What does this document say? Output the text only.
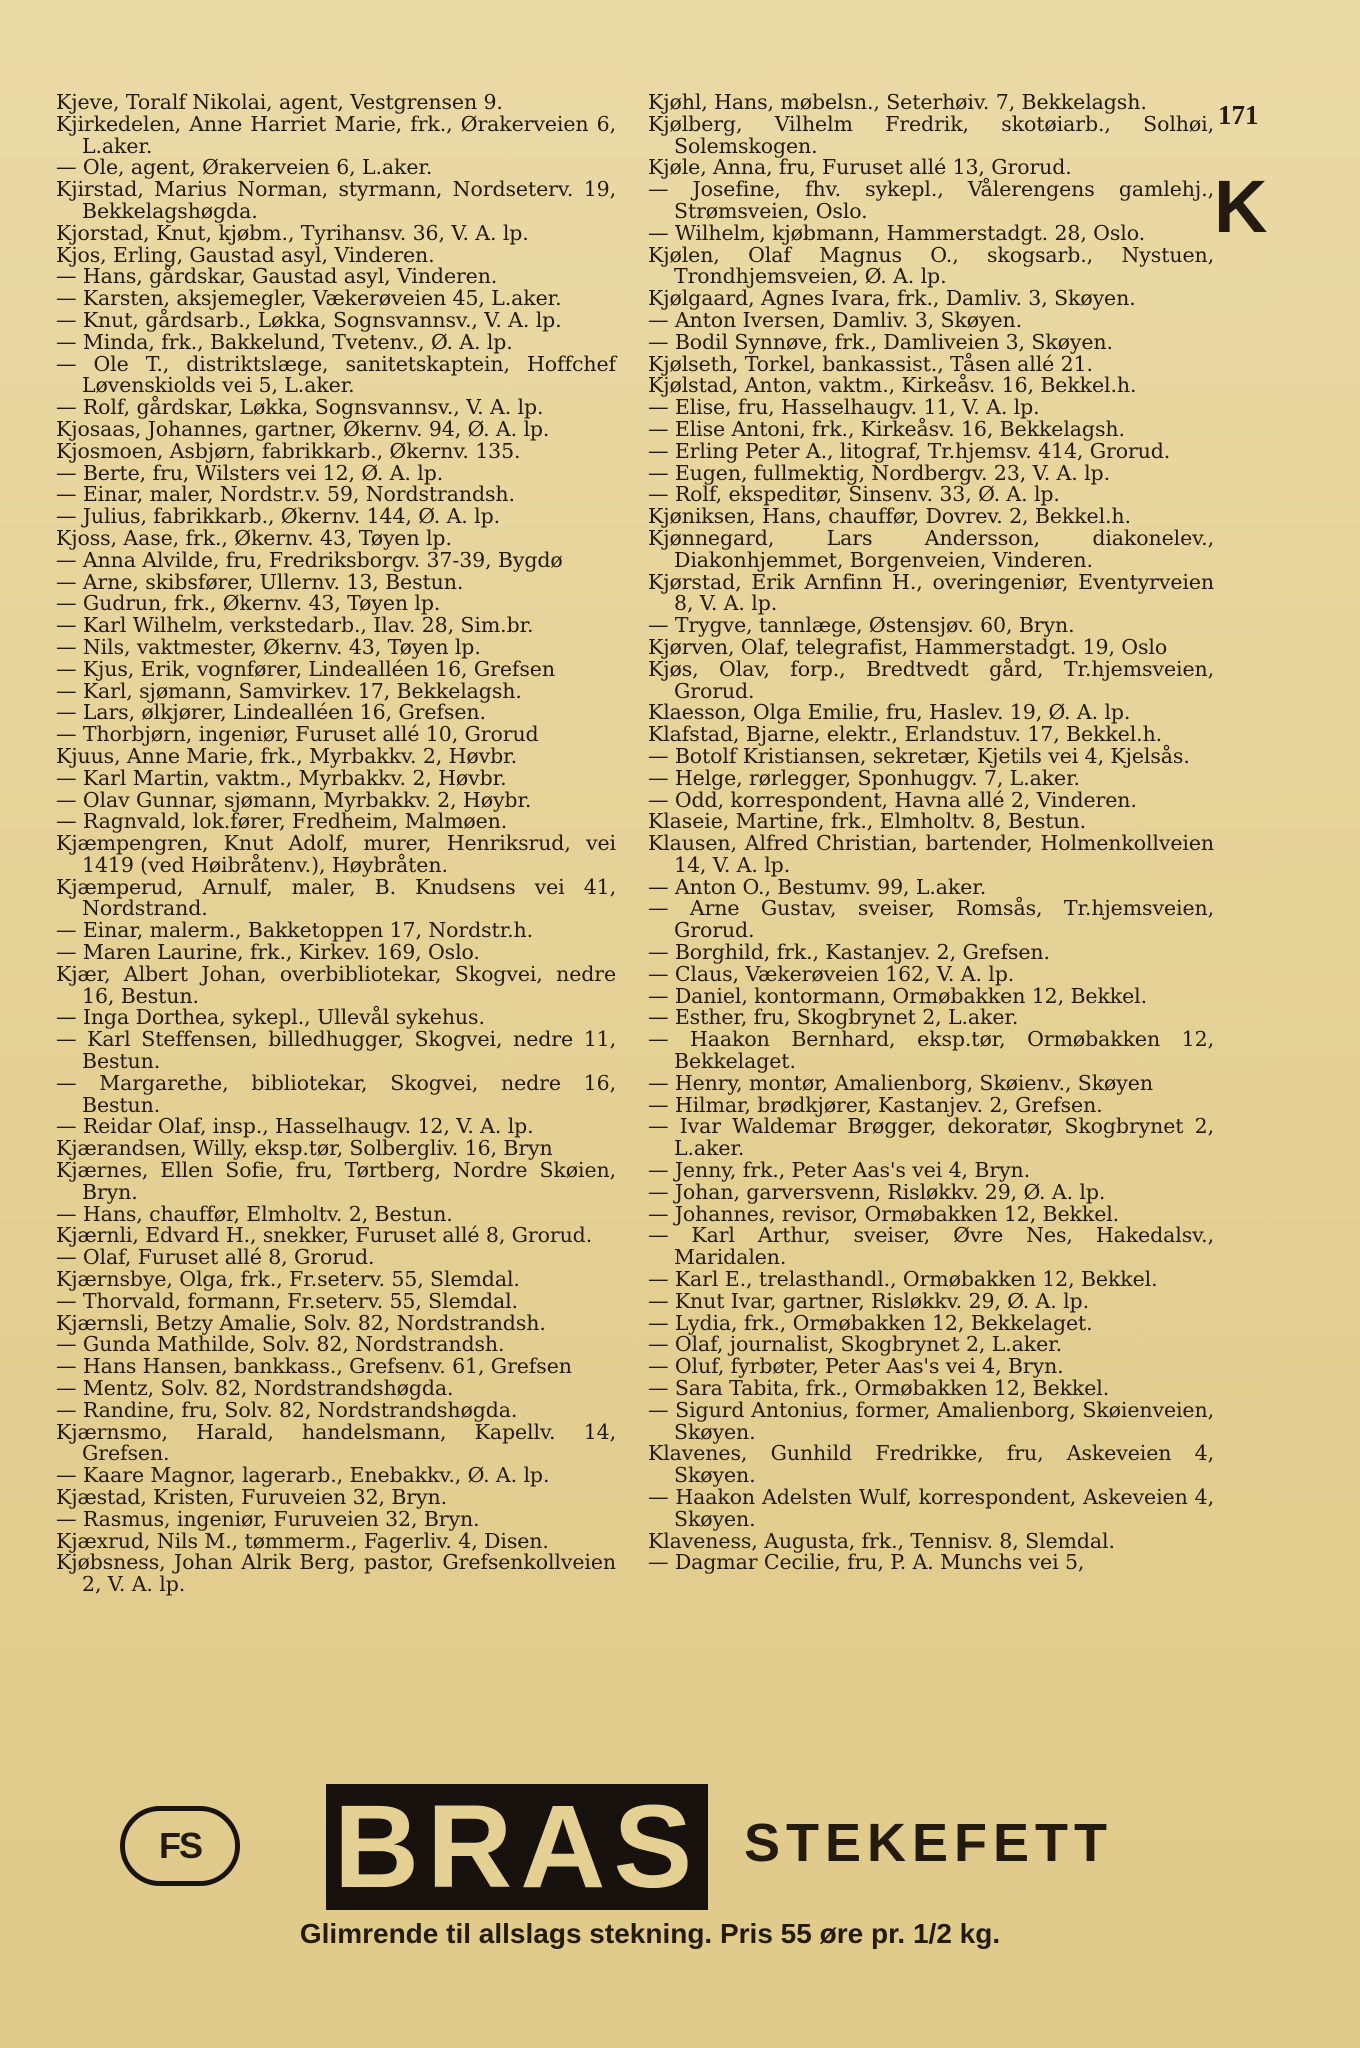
Kjeve, Toralf Nikolai, agent, Vestgrensen 9.

Kjirkedelen, Anne Harriet Marie, frk., Ørakerveien 6, L.aker.

— Ole, agent, Ørakerveien 6, L.aker.

Kjirstad, Marius Norman, styrmann, Nordseterv. 19, Bekkelagshøgda.

Kjorstad, Knut, kjøbm., Tyrihansv. 36, V. A. lp.

Kjos, Erling, Gaustad asyl, Vinderen.

— Hans, gårdskar, Gaustad asyl, Vinderen.

— Karsten, aksjemegler, Vækerøveien 45, L.aker.

— Knut, gårdsarb., Løkka, Sognsvannsv., V. A. lp.

— Minda, frk., Bakkelund, Tvetenv., Ø. A. lp.

— Ole T., distriktslæge, sanitetskaptein, Hoffchef Løvenskiolds vei 5, L.aker.

— Rolf, gårdskar, Løkka, Sognsvannsv., V. A. lp.

Kjosaas, Johannes, gartner, Økernv. 94, Ø. A. lp.

Kjosmoen, Asbjørn, fabrikkarb., Økernv. 135.

— Berte, fru, Wilsters vei 12, Ø. A. lp.

— Einar, maler, Nordstr.v. 59, Nordstrandsh.

— Julius, fabrikkarb., Økernv. 144, Ø. A. lp.

Kjoss, Aase, frk., Økernv. 43, Tøyen lp.

— Anna Alvilde, fru, Fredriksborgv. 37-39, Bygdø

— Arne, skibsfører, Ullernv. 13, Bestun.

— Gudrun, frk., Økernv. 43, Tøyen lp.

— Karl Wilhelm, verkstedarb., Ilav. 28, Sim.br.

— Nils, vaktmester, Økernv. 43, Tøyen lp.

— Kjus, Erik, vognfører, Lindealléen 16, Grefsen

— Karl, sjømann, Samvirkev. 17, Bekkelagsh.

— Lars, ølkjører, Lindealléen 16, Grefsen.

— Thorbjørn, ingeniør, Furuset allé 10, Grorud

Kjuus, Anne Marie, frk., Myrbakkv. 2, Høvbr.

— Karl Martin, vaktm., Myrbakkv. 2, Høvbr.

— Olav Gunnar, sjømann, Myrbakkv. 2, Høybr.

— Ragnvald, lok.fører, Fredheim, Malmøen.

Kjæmpengren, Knut Adolf, murer, Henriksrud, vei 1419 (ved Høibråtenv.), Høybråten.

Kjæmperud, Arnulf, maler, B. Knudsens vei 41, Nordstrand.

— Einar, malerm., Bakketoppen 17, Nordstr.h.

— Maren Laurine, frk., Kirkev. 169, Oslo.

Kjær, Albert Johan, overbibliotekar, Skogvei, nedre 16, Bestun.

— Inga Dorthea, sykepl., Ullevål sykehus.

— Karl Steffensen, billedhugger, Skogvei, nedre 11, Bestun.

— Margarethe, bibliotekar, Skogvei, nedre 16, Bestun.

— Reidar Olaf, insp., Hasselhaugv. 12, V. A. lp.

Kjærandsen, Willy, eksp.tør, Solbergliv. 16, Bryn

Kjærnes, Ellen Sofie, fru, Tørtberg, Nordre Skøien, Bryn.

— Hans, chauffør, Elmholtv. 2, Bestun.

Kjærnli, Edvard H., snekker, Furuset allé 8, Grorud.

— Olaf, Furuset allé 8, Grorud.

Kjærnsbye, Olga, frk., Fr.seterv. 55, Slemdal.

— Thorvald, formann, Fr.seterv. 55, Slemdal.

Kjærnsli, Betzy Amalie, Solv. 82, Nordstrandsh.

— Gunda Mathilde, Solv. 82, Nordstrandsh.

— Hans Hansen, bankkass., Grefsenv. 61, Grefsen

— Mentz, Solv. 82, Nordstrandshøgda.

— Randine, fru, Solv. 82, Nordstrandshøgda.

Kjærnsmo, Harald, handelsmann, Kapellv. 14, Grefsen.

— Kaare Magnor, lagerarb., Enebakkv., Ø. A. lp.

Kjæstad, Kristen, Furuveien 32, Bryn.

— Rasmus, ingeniør, Furuveien 32, Bryn.

Kjæxrud, Nils M., tømmerm., Fagerliv. 4, Disen.

Kjøbsness, Johan Alrik Berg, pastor, Grefsenkollveien 2, V. A. lp.

Kjøhl, Hans, møbelsn., Seterhøiv. 7, Bekkelagsh.

Kjølberg, Vilhelm Fredrik, skotøiarb., Solhøi, Solemskogen.

Kjøle, Anna, fru, Furuset allé 13, Grorud.

— Josefine, fhv. sykepl., Vålerengens gamlehj., Strømsveien, Oslo.

— Wilhelm, kjøbmann, Hammerstadgt. 28, Oslo.

Kjølen, Olaf Magnus O., skogsarb., Nystuen, Trondhjemsveien, Ø. A. lp.

Kjølgaard, Agnes Ivara, frk., Damliv. 3, Skøyen.

— Anton Iversen, Damliv. 3, Skøyen.

— Bodil Synnøve, frk., Damliveien 3, Skøyen.

Kjølseth, Torkel, bankassist., Tåsen allé 21.

Kjølstad, Anton, vaktm., Kirkeåsv. 16, Bekkel.h.

— Elise, fru, Hasselhaugv. 11, V. A. lp.

— Elise Antoni, frk., Kirkeåsv. 16, Bekkelagsh.

— Erling Peter A., litograf, Tr.hjemsv. 414, Grorud.

— Eugen, fullmektig, Nordbergv. 23, V. A. lp.

— Rolf, ekspeditør, Sinsenv. 33, Ø. A. lp.

Kjøniksen, Hans, chauffør, Dovrev. 2, Bekkel.h.

Kjønnegard, Lars Andersson, diakonelev., Diakonhjemmet, Borgenveien, Vinderen.

Kjørstad, Erik Arnfinn H., overingeniør, Eventyrveien 8, V. A. lp.

— Trygve, tannlæge, Østensjøv. 60, Bryn.

Kjørven, Olaf, telegrafist, Hammerstadgt. 19, Oslo

Kjøs, Olav, forp., Bredtvedt gård, Tr.hjemsveien, Grorud.

Klaesson, Olga Emilie, fru, Haslev. 19, Ø. A. lp.

Klafstad, Bjarne, elektr., Erlandstuv. 17, Bekkel.h.

— Botolf Kristiansen, sekretær, Kjetils vei 4, Kjelsås.

— Helge, rørlegger, Sponhuggv. 7, L.aker.

— Odd, korrespondent, Havna allé 2, Vinderen.

Klaseie, Martine, frk., Elmholtv. 8, Bestun.

Klausen, Alfred Christian, bartender, Holmenkollveien 14, V. A. lp.

— Anton O., Bestumv. 99, L.aker.

— Arne Gustav, sveiser, Romsås, Tr.hjemsveien, Grorud.

— Borghild, frk., Kastanjev. 2, Grefsen.

— Claus, Vækerøveien 162, V. A. lp.

— Daniel, kontormann, Ormøbakken 12, Bekkel.

— Esther, fru, Skogbrynet 2, L.aker.

— Haakon Bernhard, eksp.tør, Ormøbakken 12, Bekkelaget.

— Henry, montør, Amalienborg, Skøienv., Skøyen

— Hilmar, brødkjører, Kastanjev. 2, Grefsen.

— Ivar Waldemar Brøgger, dekoratør, Skogbrynet 2, L.aker.

— Jenny, frk., Peter Aas's vei 4, Bryn.

— Johan, garversvenn, Risløkkv. 29, Ø. A. lp.

— Johannes, revisor, Ormøbakken 12, Bekkel.

— Karl Arthur, sveiser, Øvre Nes, Hakedalsv., Maridalen.

— Karl E., trelasthandl., Ormøbakken 12, Bekkel.

— Knut Ivar, gartner, Risløkkv. 29, Ø. A. lp.

— Lydia, frk., Ormøbakken 12, Bekkelaget.

— Olaf, journalist, Skogbrynet 2, L.aker.

— Oluf, fyrbøter, Peter Aas's vei 4, Bryn.

— Sara Tabita, frk., Ormøbakken 12, Bekkel.

— Sigurd Antonius, former, Amalienborg, Skøienveien, Skøyen.

Klavenes, Gunhild Fredrikke, fru, Askeveien 4, Skøyen.

— Haakon Adelsten Wulf, korrespondent, Askeveien 4, Skøyen.

Klaveness, Augusta, frk., Tennisv. 8, Slemdal.

— Dagmar Cecilie, fru, P. A. Munchs vei 5,

171
K
FS	BRAS STEKEFETT
Glimrende til allslags stekning. Pris 55 øre pr. 1/2 kg.
